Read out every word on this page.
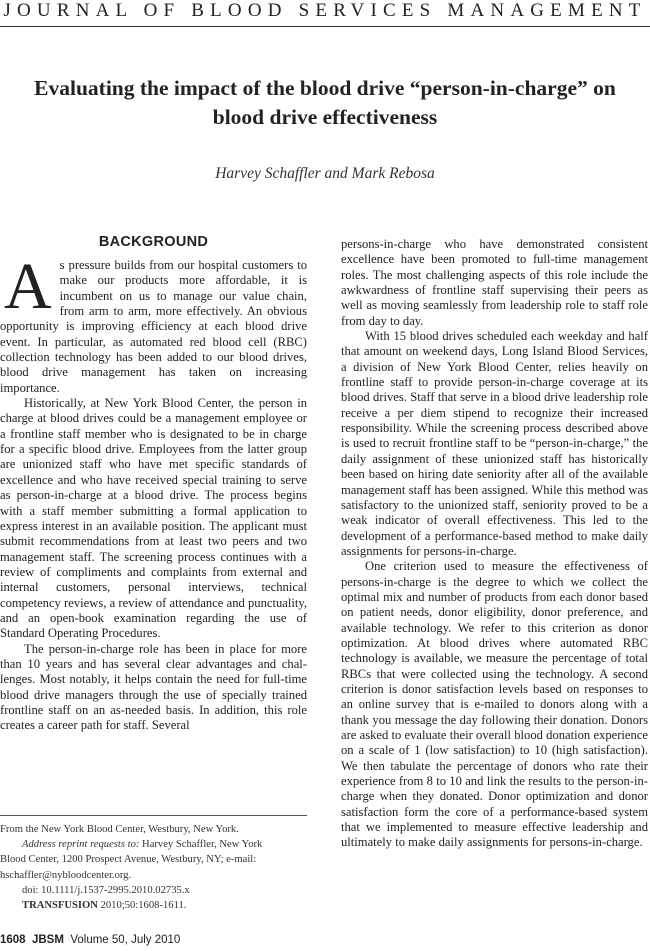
JOURNAL OF BLOOD SERVICES MANAGEMENT
Evaluating the impact of the blood drive “person-in-charge” on
blood drive effectiveness
Harvey Schaffler and Mark Rebosa
BACKGROUND

As pressure builds from our hospital customers to make our products more affordable, it is incumbent on us to manage our value chain, from arm to arm, more effectively. An obvious opportunity is improving efficiency at each blood drive event. In particular, as automated red blood cell (RBC) collection technology has been added to our blood drives, blood drive management has taken on increasing importance.

Historically, at New York Blood Center, the person in charge at blood drives could be a management employee or a frontline staff member who is designated to be in charge for a specific blood drive. Employees from the latter group are unionized staff who have met specific standards of excellence and who have received special training to serve as person-in-charge at a blood drive. The process begins with a staff member submitting a formal application to express interest in an available position. The applicant must submit recommendations from at least two peers and two management staff. The screening process continues with a review of compliments and complaints from external and internal customers, personal interviews, technical competency reviews, a review of attendance and punctuality, and an open-book examination regarding the use of Standard Operating Procedures.

The person-in-charge role has been in place for more than 10 years and has several clear advantages and challenges. Most notably, it helps contain the need for full-time blood drive managers through the use of specially trained frontline staff on an as-needed basis. In addition, this role creates a career path for staff. Several

persons-in-charge who have demonstrated consistent excellence have been promoted to full-time management roles. The most challenging aspects of this role include the awkwardness of frontline staff supervising their peers as well as moving seamlessly from leadership role to staff role from day to day.

With 15 blood drives scheduled each weekday and half that amount on weekend days, Long Island Blood Services, a division of New York Blood Center, relies heavily on frontline staff to provide person-in-charge coverage at its blood drives. Staff that serve in a blood drive leadership role receive a per diem stipend to recognize their increased responsibility. While the screening process described above is used to recruit frontline staff to be “person-in-charge,” the daily assignment of these unionized staff has historically been based on hiring date seniority after all of the available management staff has been assigned. While this method was satisfactory to the unionized staff, seniority proved to be a weak indicator of overall effectiveness. This led to the development of a performance-based method to make daily assignments for persons-in-charge.

One criterion used to measure the effectiveness of persons-in-charge is the degree to which we collect the optimal mix and number of products from each donor based on patient needs, donor eligibility, donor preference, and available technology. We refer to this criterion as donor optimization. At blood drives where automated RBC technology is available, we measure the percentage of total RBCs that were collected using the technology. A second criterion is donor satisfaction levels based on responses to an online survey that is e-mailed to donors along with a thank you message the day following their donation. Donors are asked to evaluate their overall blood donation experience on a scale of 1 (low satisfaction) to 10 (high satisfaction). We then tabulate the percentage of donors who rate their experience from 8 to 10 and link the results to the person-in-charge when they donated. Donor optimization and donor satisfaction form the core of a performance-based system that we implemented to measure effective leadership and ultimately to make daily assignments for persons-in-charge.

From the New York Blood Center, Westbury, New York.
Address reprint requests to: Harvey Schaffler, New York
Blood Center, 1200 Prospect Avenue, Westbury, NY; e-mail:
hschaffler@nybloodcenter.org.
doi: 10.1111/j.1537-2995.2010.02735.x
TRANSFUSION 2010;50:1608-1611.
1608 JBSM Volume 50, July 2010
